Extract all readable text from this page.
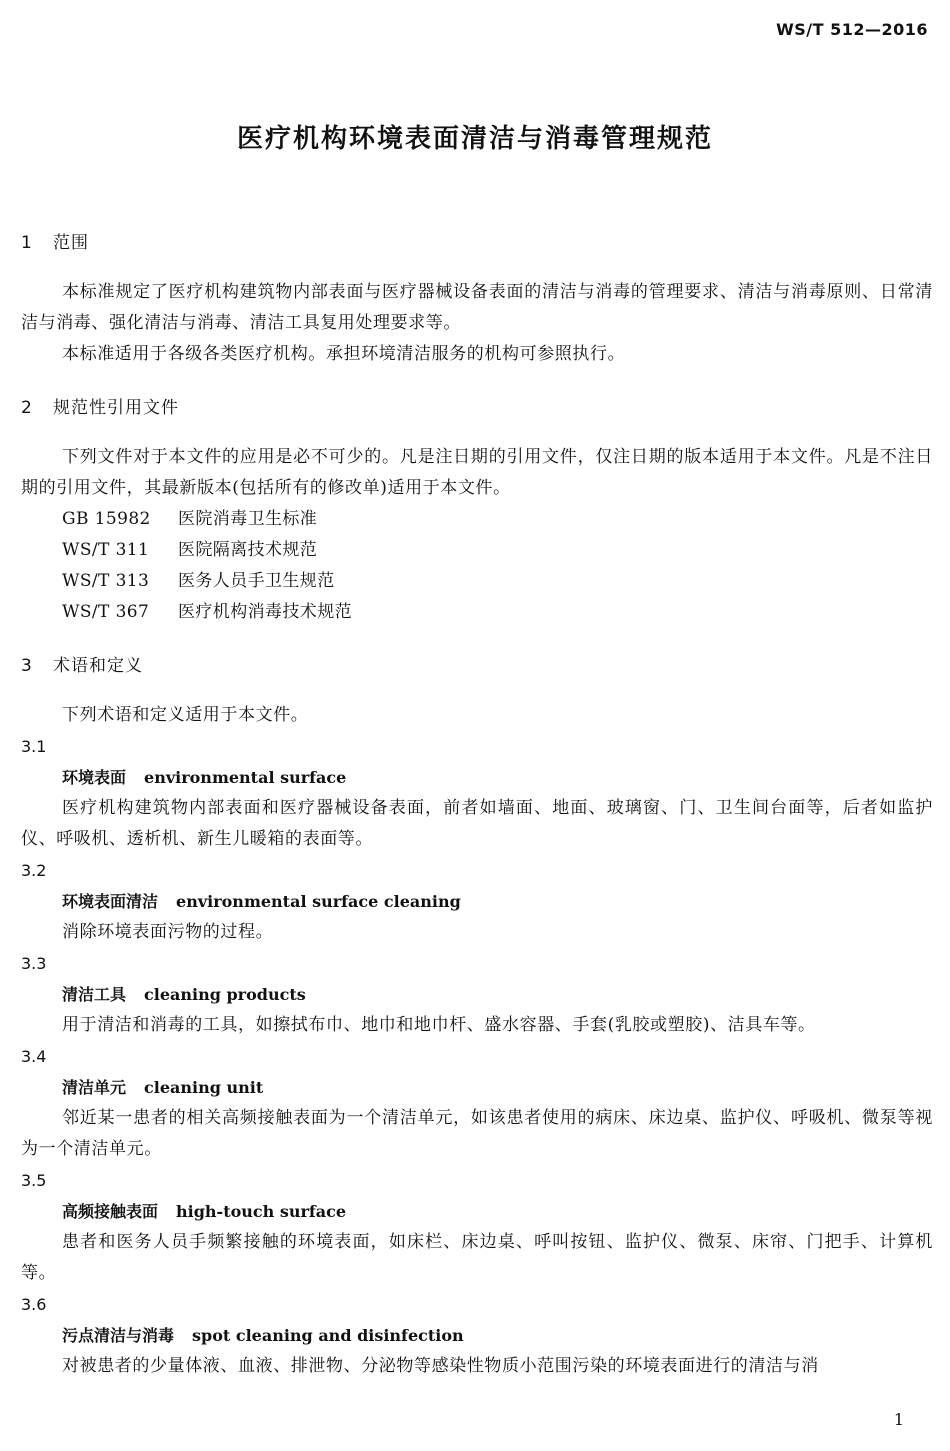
WS/T 512—2016
医疗机构环境表面清洁与消毒管理规范
1 范围
本标准规定了医疗机构建筑物内部表面与医疗器械设备表面的清洁与消毒的管理要求、清洁与消毒原则、日常清洁与消毒、强化清洁与消毒、清洁工具复用处理要求等。
本标准适用于各级各类医疗机构。承担环境清洁服务的机构可参照执行。
2 规范性引用文件
下列文件对于本文件的应用是必不可少的。凡是注日期的引用文件，仅注日期的版本适用于本文件。凡是不注日期的引用文件，其最新版本(包括所有的修改单)适用于本文件。
GB 15982 医院消毒卫生标准
WS/T 311 医院隔离技术规范
WS/T 313 医务人员手卫生规范
WS/T 367 医疗机构消毒技术规范
3 术语和定义
下列术语和定义适用于本文件。
3.1
环境表面 environmental surface
医疗机构建筑物内部表面和医疗器械设备表面，前者如墙面、地面、玻璃窗、门、卫生间台面等，后者如监护仪、呼吸机、透析机、新生儿暖箱的表面等。
3.2
环境表面清洁 environmental surface cleaning
消除环境表面污物的过程。
3.3
清洁工具 cleaning products
用于清洁和消毒的工具，如擦拭布巾、地巾和地巾杆、盛水容器、手套(乳胶或塑胶)、洁具车等。
3.4
清洁单元 cleaning unit
邻近某一患者的相关高频接触表面为一个清洁单元，如该患者使用的病床、床边桌、监护仪、呼吸机、微泵等视为一个清洁单元。
3.5
高频接触表面 high-touch surface
患者和医务人员手频繁接触的环境表面，如床栏、床边桌、呼叫按钮、监护仪、微泵、床帘、门把手、计算机等。
3.6
污点清洁与消毒 spot cleaning and disinfection
对被患者的少量体液、血液、排泄物、分泌物等感染性物质小范围污染的环境表面进行的清洁与消
1
